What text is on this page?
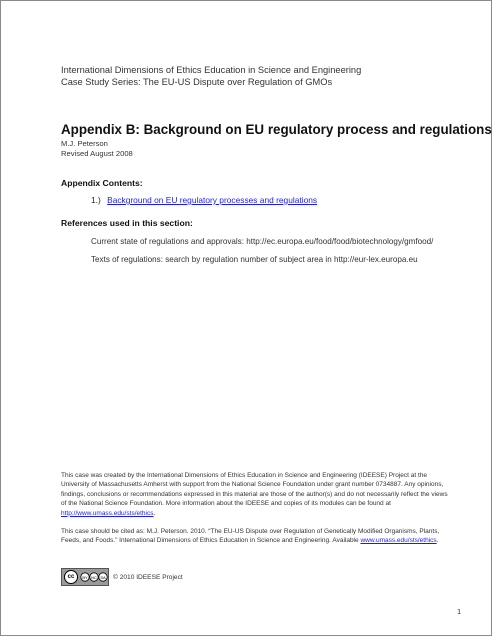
International Dimensions of Ethics Education in Science and Engineering
Case Study Series: The EU-US Dispute over Regulation of GMOs
Appendix B: Background on EU regulatory process and regulations
M.J. Peterson
Revised August 2008
Appendix Contents:
1.) Background on EU regulatory processes and regulations
References used in this section:
Current state of regulations and approvals: http://ec.europa.eu/food/food/biotechnology/gmfood/
Texts of regulations: search by regulation number of subject area in http://eur-lex.europa.eu
This case was created by the International Dimensions of Ethics Education in Science and Engineering (IDEESE) Project at the University of Massachusetts Amherst with support from the National Science Foundation under grant number 0734887. Any opinions, findings, conclusions or recommendations expressed in this material are those of the author(s) and do not necessarily reflect the views of the National Science Foundation. More information about the IDEESE and copies of its modules can be found at http://www.umass.edu/sts/ethics.
This case should be cited as: M.J. Peterson. 2010. “The EU-US Dispute over Regulation of Genetically Modified Organisms, Plants, Feeds, and Foods.” International Dimensions of Ethics Education in Science and Engineering. Available www.umass.edu/sts/ethics.
cc	BY NC SA © 2010 IDEESE Project
1
